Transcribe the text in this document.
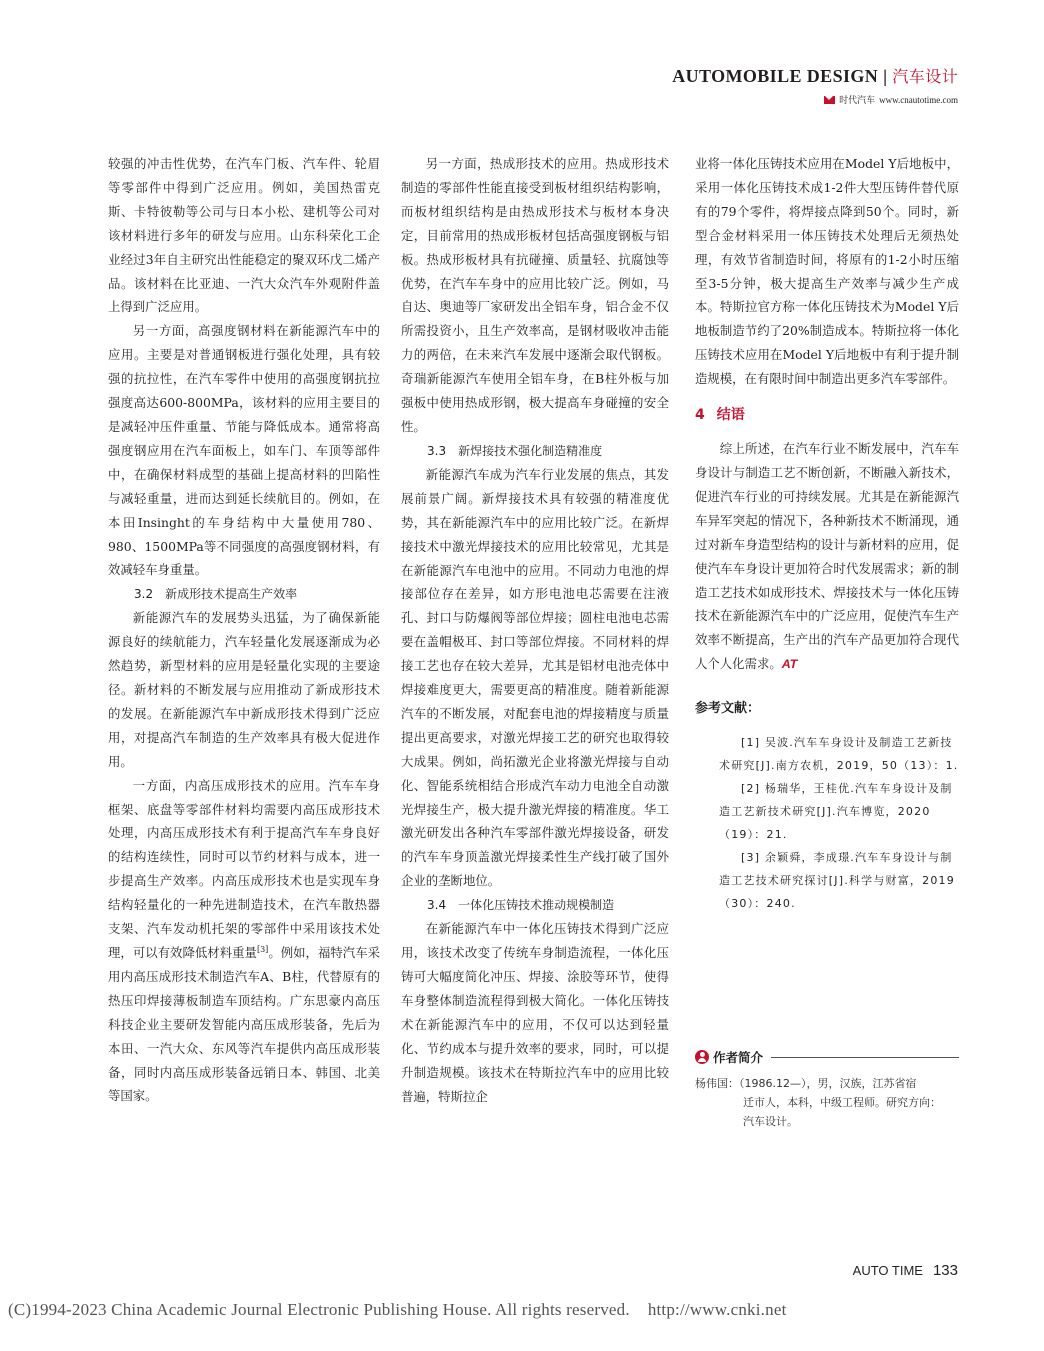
AUTOMOBILE DESIGN | 汽车设计
时代汽车 www.cnautotime.com

较强的冲击性优势，在汽车门板、汽车件、轮眉等零部件中得到广泛应用。例如，美国热雷克斯、卡特彼勒等公司与日本小松、建机等公司对该材料进行多年的研发与应用。山东科荣化工企业经过3年自主研究出性能稳定的聚双环戊二烯产品。该材料在比亚迪、一汽大众汽车外观附件盖上得到广泛应用。

另一方面，高强度钢材料在新能源汽车中的应用。主要是对普通钢板进行强化处理，具有较强的抗拉性，在汽车零件中使用的高强度钢抗拉强度高达600-800MPa，该材料的应用主要目的是减轻冲压件重量、节能与降低成本。通常将高强度钢应用在汽车面板上，如车门、车顶等部件中，在确保材料成型的基础上提高材料的凹陷性与减轻重量，进而达到延长续航目的。例如，在本田Insinght的车身结构中大量使用780、980、1500MPa等不同强度的高强度钢材料，有效减轻车身重量。

3.2　新成形技术提高生产效率

新能源汽车的发展势头迅猛，为了确保新能源良好的续航能力，汽车轻量化发展逐渐成为必然趋势，新型材料的应用是轻量化实现的主要途径。新材料的不断发展与应用推动了新成形技术的发展。在新能源汽车中新成形技术得到广泛应用，对提高汽车制造的生产效率具有极大促进作用。

一方面，内高压成形技术的应用。汽车车身框架、底盘等零部件材料均需要内高压成形技术处理，内高压成形技术有利于提高汽车车身良好的结构连续性，同时可以节约材料与成本，进一步提高生产效率。内高压成形技术也是实现车身结构轻量化的一种先进制造技术，在汽车散热器支架、汽车发动机托架的零部件中采用该技术处理，可以有效降低材料重量[3]。例如，福特汽车采用内高压成形技术制造汽车A、B柱，代替原有的热压印焊接薄板制造车顶结构。广东思豪内高压科技企业主要研发智能内高压成形装备，先后为本田、一汽大众、东风等汽车提供内高压成形装备，同时内高压成形装备远销日本、韩国、北美等国家。

另一方面，热成形技术的应用。热成形技术制造的零部件性能直接受到板材组织结构影响，而板材组织结构是由热成形技术与板材本身决定，目前常用的热成形板材包括高强度钢板与铝板。热成形板材具有抗碰撞、质量轻、抗腐蚀等优势，在汽车车身中的应用比较广泛。例如，马自达、奥迪等厂家研发出全铝车身，铝合金不仅所需投资小，且生产效率高，是钢材吸收冲击能力的两倍，在未来汽车发展中逐渐会取代钢板。奇瑞新能源汽车使用全铝车身，在B柱外板与加强板中使用热成形钢，极大提高车身碰撞的安全性。

3.3　新焊接技术强化制造精准度

新能源汽车成为汽车行业发展的焦点，其发展前景广阔。新焊接技术具有较强的精准度优势，其在新能源汽车中的应用比较广泛。在新焊接技术中激光焊接技术的应用比较常见，尤其是在新能源汽车电池中的应用。不同动力电池的焊接部位存在差异，如方形电池电芯需要在注液孔、封口与防爆阀等部位焊接；圆柱电池电芯需要在盖帽极耳、封口等部位焊接。不同材料的焊接工艺也存在较大差异，尤其是铝材电池壳体中焊接难度更大，需要更高的精准度。随着新能源汽车的不断发展，对配套电池的焊接精度与质量提出更高要求，对激光焊接工艺的研究也取得较大成果。例如，尚拓激光企业将激光焊接与自动化、智能系统相结合形成汽车动力电池全自动激光焊接生产，极大提升激光焊接的精准度。华工激光研发出各种汽车零部件激光焊接设备，研发的汽车车身顶盖激光焊接柔性生产线打破了国外企业的垄断地位。

3.4　一体化压铸技术推动规模制造

在新能源汽车中一体化压铸技术得到广泛应用，该技术改变了传统车身制造流程，一体化压铸可大幅度简化冲压、焊接、涂胶等环节，使得车身整体制造流程得到极大简化。一体化压铸技术在新能源汽车中的应用，不仅可以达到轻量化、节约成本与提升效率的要求，同时，可以提升制造规模。该技术在特斯拉汽车中的应用比较普遍，特斯拉企

业将一体化压铸技术应用在Model Y后地板中，采用一体化压铸技术成1-2件大型压铸件替代原有的79个零件，将焊接点降到50个。同时，新型合金材料采用一体压铸技术处理后无须热处理，有效节省制造时间，将原有的1-2小时压缩至3-5分钟，极大提高生产效率与减少生产成本。特斯拉官方称一体化压铸技术为Model Y后地板制造节约了20%制造成本。特斯拉将一体化压铸技术应用在Model Y后地板中有利于提升制造规模，在有限时间中制造出更多汽车零部件。

4 结语

综上所述，在汽车行业不断发展中，汽车车身设计与制造工艺不断创新，不断融入新技术，促进汽车行业的可持续发展。尤其是在新能源汽车异军突起的情况下，各种新技术不断涌现，通过对新车身造型结构的设计与新材料的应用，促使汽车车身设计更加符合时代发展需求；新的制造工艺技术如成形技术、焊接技术与一体化压铸技术在新能源汽车中的广泛应用，促使汽车生产效率不断提高，生产出的汽车产品更加符合现代人个人化需求。AT

参考文献：

[1] 吴波.汽车车身设计及制造工艺新技术研究[J].南方农机，2019，50（13）：1.

[2] 杨瑞华，王桂优.汽车车身设计及制造工艺新技术研究[J].汽车博览，2020（19）：21.

[3] 余颖舜，李成璟.汽车车身设计与制造工艺技术研究探讨[J].科学与财富，2019（30）：240.

作者简介
杨伟国：（1986.12—），男，汉族，江苏省宿
迁市人，本科，中级工程师。研究方向：
汽车设计。
AUTO TIME 133
(C)1994-2023 China Academic Journal Electronic Publishing House. All rights reserved. http://www.cnki.net
